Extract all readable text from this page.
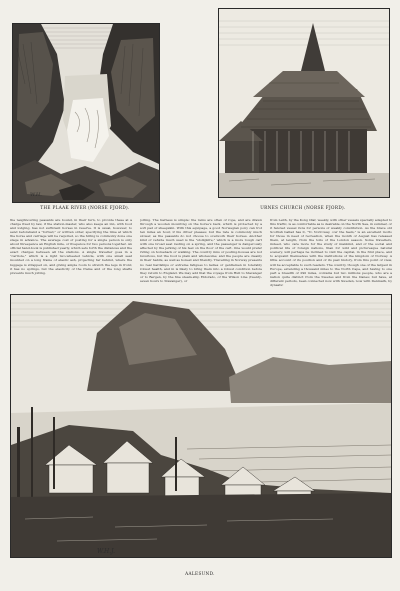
W.H.
THE PLAAK RIVER (NORSE FJORD).	URNES CHURCH (NORSE FJORD).
the neighbouring peasants are bound, in their turn, to provide these at a charge fixed by law, if the station-master, who also keeps an inn, with food and lodging, has not sufficient horses in reserve. It is usual, however, to send beforehand a "forbud," or written order, specifying the time at which the horse and carriage will be required, so the hiring is commonly done one stage in advance. The average cost of posting for a single person is only about threepence an English mile, or fivepence for two persons together. An official hand-book is published yearly, which sets forth the distances and the exact charges between all the stations. A single traveller goes in a "carriole," which is a light two-wheeled vehicle, with one small seat mounted on a long frame of elastic ash, projecting far behind, where the luggage is strapped on, and giving ample room to stretch the legs in front; it has no springs, but the elasticity of the frame and of the long shafts prevents much jolting.
jolting. The harness is simple: the reins are often of rope, and are drawn through a wooden mounting on the horse's back, which is protected by a soft pad of sheepskin. With this equipage, a good Norwegian pony can trot ten miles an hour, if his driver pleases; but the rate is commonly much slower, as the peasants do not choose to overwork their horses. Another kind of vehicle much used is the "stolkjärre," which is a more rough cart with one broad seat resting on a spring, and the passenger is dangerously affected by the jerking of his feet on the floor of the cart. One would prefer riding on horseback or walking. The country inns or posting-houses are not luxurious, but the food is plain and wholesome; and the people are cleanly in their habits, as well as honest and friendly. Travelling in Norway presents no real hardships or extreme fatigues to ladies or gentlemen in tolerably robust health, and in is likely to bring them into a robust condition before they return to England. We may add that the voyage from Hull to Stavanger or to Bergen, by the fine steam-ship Eldorado, of the Wilson Line (twenty-seven hours to Stavanger), or
from Leith, by the Kong Olaf, weekly, with other vessels specially adapted to this traffic, is as comfortable as is desirable on the North Sea, in summer, or it fancied vessel runs for persons of weakly constitution. As the brave old Scottish ballad has it, "To Norroway, o'er the faem," is an excellent motto for those in need of recreation, when the month of August has released them, at length, from the toils of the London season. Some travellers, indeed, who care more for the study of mankind, and of the social and political life of foreign nations, than for wild and picturesque natural scenery, will perhaps be inclined to visit the capital, in the first place, and to acquaint themselves with the institutions of the kingdom of Norway. A little account of its position and of its past history, from this point of view, will be acceptable to such readers. The country, though one of the largest in Europe, extending a thousand miles to the North Cape, and having to one part a breadth of 290 miles, contains but two millions people, who are a nation quite distinct from the Swedes and from the Danes; but have, at different periods, been connected now with Sweden, now with Denmark, by dynastic
W.H.J.
AALESUND.
